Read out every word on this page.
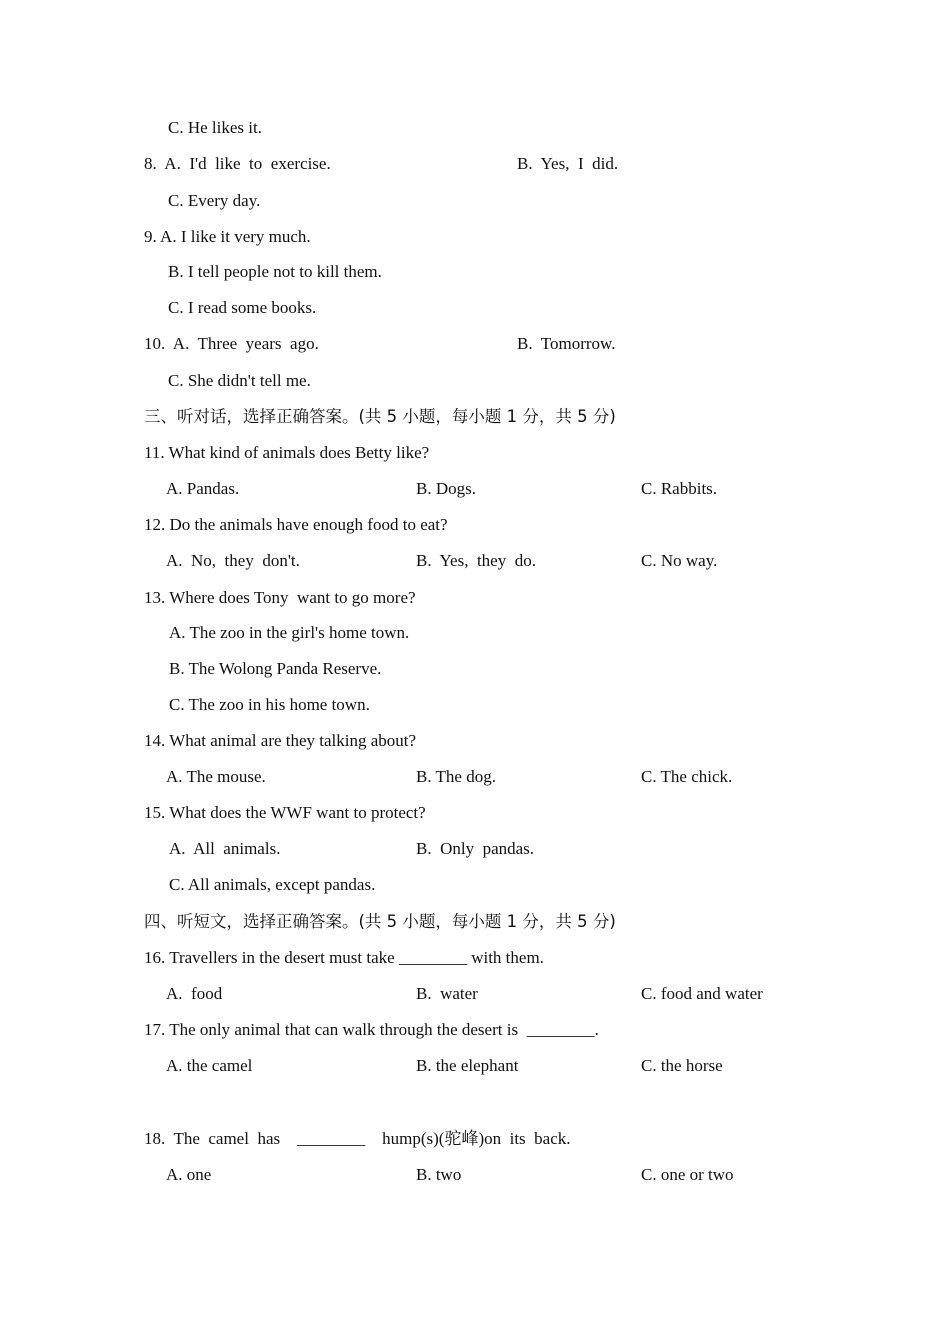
C. He likes it.
8.  A.  I'd  like  to  exercise.	B.  Yes,  I  did.
C. Every day.
9. A. I like it very much.
B. I tell people not to kill them.
C. I read some books.
10.  A.  Three  years  ago.	B.  Tomorrow.
C. She didn't tell me.
三、听对话，选择正确答案。(共 5 小题，每小题 1 分，共 5 分)
11. What kind of animals does Betty like?
A. Pandas.	B. Dogs.	C. Rabbits.
12. Do the animals have enough food to eat?
A.  No,  they  don't.	B.  Yes,  they  do.	C. No way.
13. Where does Tony  want to go more?
A. The zoo in the girl's home town.
B. The Wolong Panda Reserve.
C. The zoo in his home town.
14. What animal are they talking about?
A. The mouse.	B. The dog.	C. The chick.
15. What does the WWF want to protect?
A.  All  animals.	B.  Only  pandas.
C. All animals, except pandas.
四、听短文，选择正确答案。(共 5 小题，每小题 1 分，共 5 分)
16. Travellers in the desert must take ________ with them.
A.  food	B.  water	C. food and water
17. The only animal that can walk through the desert is  ________.
A. the camel	B. the elephant	C. the horse
18.  The  camel  has    ________    hump(s)(驼峰)on  its  back.
A. one	B. two	C. one or two
